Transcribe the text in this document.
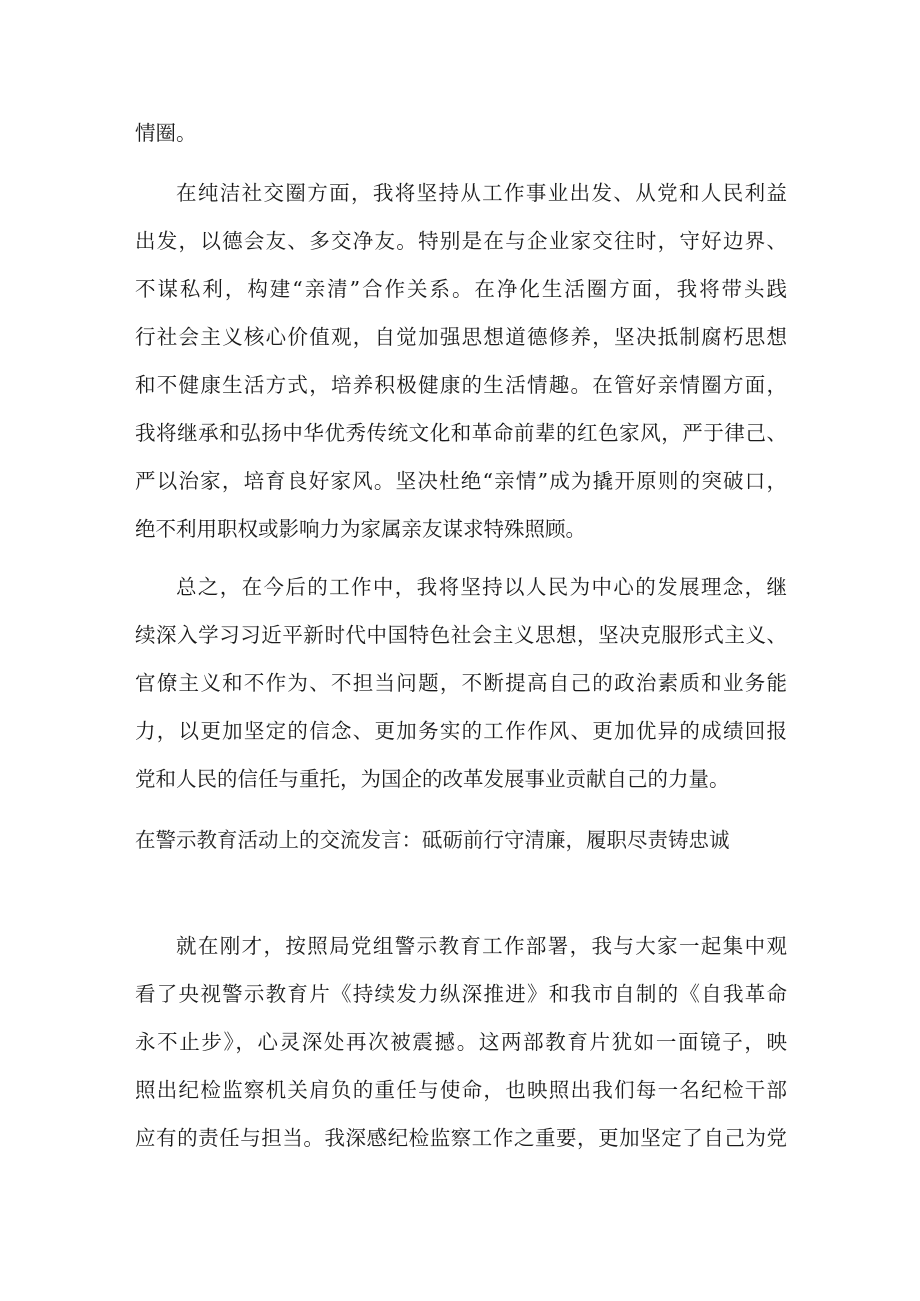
情圈。
在纯洁社交圈方面，我将坚持从工作事业出发、从党和人民利益
出发，以德会友、多交净友。特别是在与企业家交往时，守好边界、
不谋私利，构建“亲清”合作关系。在净化生活圈方面，我将带头践
行社会主义核心价值观，自觉加强思想道德修养，坚决抵制腐朽思想
和不健康生活方式，培养积极健康的生活情趣。在管好亲情圈方面，
我将继承和弘扬中华优秀传统文化和革命前辈的红色家风，严于律己、
严以治家，培育良好家风。坚决杜绝“亲情”成为撬开原则的突破口，
绝不利用职权或影响力为家属亲友谋求特殊照顾。
总之，在今后的工作中，我将坚持以人民为中心的发展理念，继
续深入学习习近平新时代中国特色社会主义思想，坚决克服形式主义、
官僚主义和不作为、不担当问题，不断提高自己的政治素质和业务能
力，以更加坚定的信念、更加务实的工作作风、更加优异的成绩回报
党和人民的信任与重托，为国企的改革发展事业贡献自己的力量。
在警示教育活动上的交流发言：砥砺前行守清廉，履职尽责铸忠诚
就在刚才，按照局党组警示教育工作部署，我与大家一起集中观
看了央视警示教育片《持续发力纵深推进》和我市自制的《自我革命
永不止步》，心灵深处再次被震撼。这两部教育片犹如一面镜子，映
照出纪检监察机关肩负的重任与使命，也映照出我们每一名纪检干部
应有的责任与担当。我深感纪检监察工作之重要，更加坚定了自己为党
